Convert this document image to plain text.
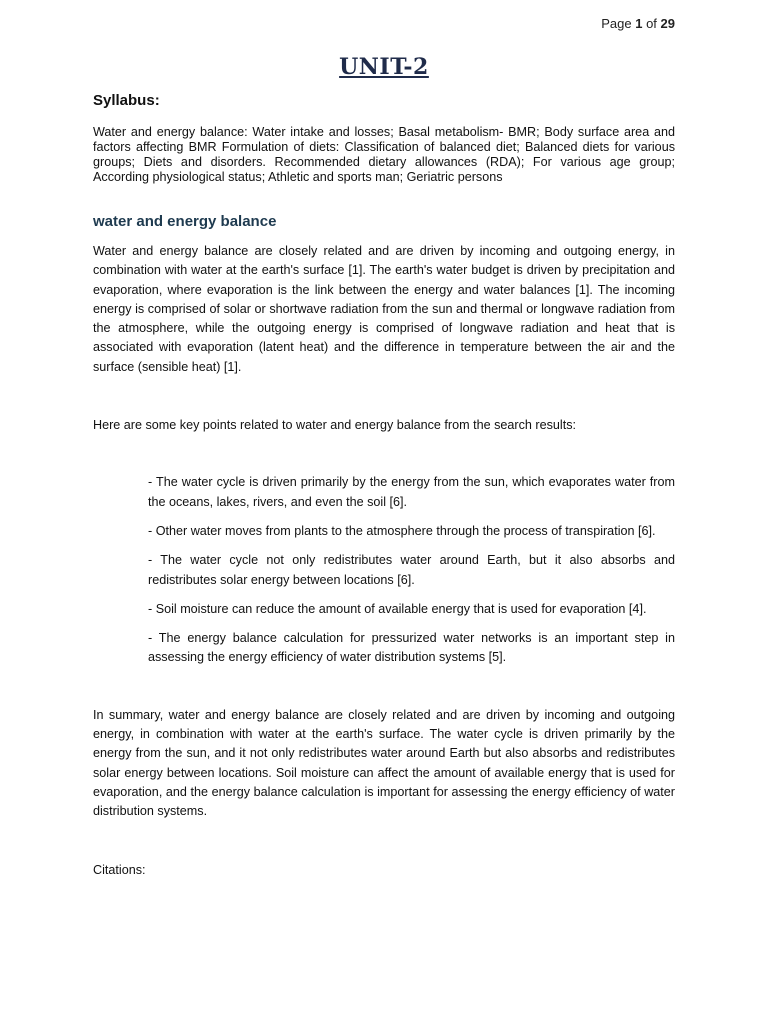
Page 1 of 29
UNIT-2
Syllabus:

Water and energy balance: Water intake and losses; Basal metabolism- BMR; Body surface area and factors affecting BMR Formulation of diets: Classification of balanced diet; Balanced diets for various groups; Diets and disorders. Recommended dietary allowances (RDA); For various age group; According physiological status; Athletic and sports man; Geriatric persons

water and energy balance

Water and energy balance are closely related and are driven by incoming and outgoing energy, in combination with water at the earth's surface [1]. The earth's water budget is driven by precipitation and evaporation, where evaporation is the link between the energy and water balances [1]. The incoming energy is comprised of solar or shortwave radiation from the sun and thermal or longwave radiation from the atmosphere, while the outgoing energy is comprised of longwave radiation and heat that is associated with evaporation (latent heat) and the difference in temperature between the air and the surface (sensible heat) [1].

Here are some key points related to water and energy balance from the search results:

- The water cycle is driven primarily by the energy from the sun, which evaporates water from the oceans, lakes, rivers, and even the soil [6].
- Other water moves from plants to the atmosphere through the process of transpiration [6].
- The water cycle not only redistributes water around Earth, but it also absorbs and redistributes solar energy between locations [6].
- Soil moisture can reduce the amount of available energy that is used for evaporation [4].
- The energy balance calculation for pressurized water networks is an important step in assessing the energy efficiency of water distribution systems [5].

In summary, water and energy balance are closely related and are driven by incoming and outgoing energy, in combination with water at the earth's surface. The water cycle is driven primarily by the energy from the sun, and it not only redistributes water around Earth but also absorbs and redistributes solar energy between locations. Soil moisture can affect the amount of available energy that is used for evaporation, and the energy balance calculation is important for assessing the energy efficiency of water distribution systems.

Citations:
